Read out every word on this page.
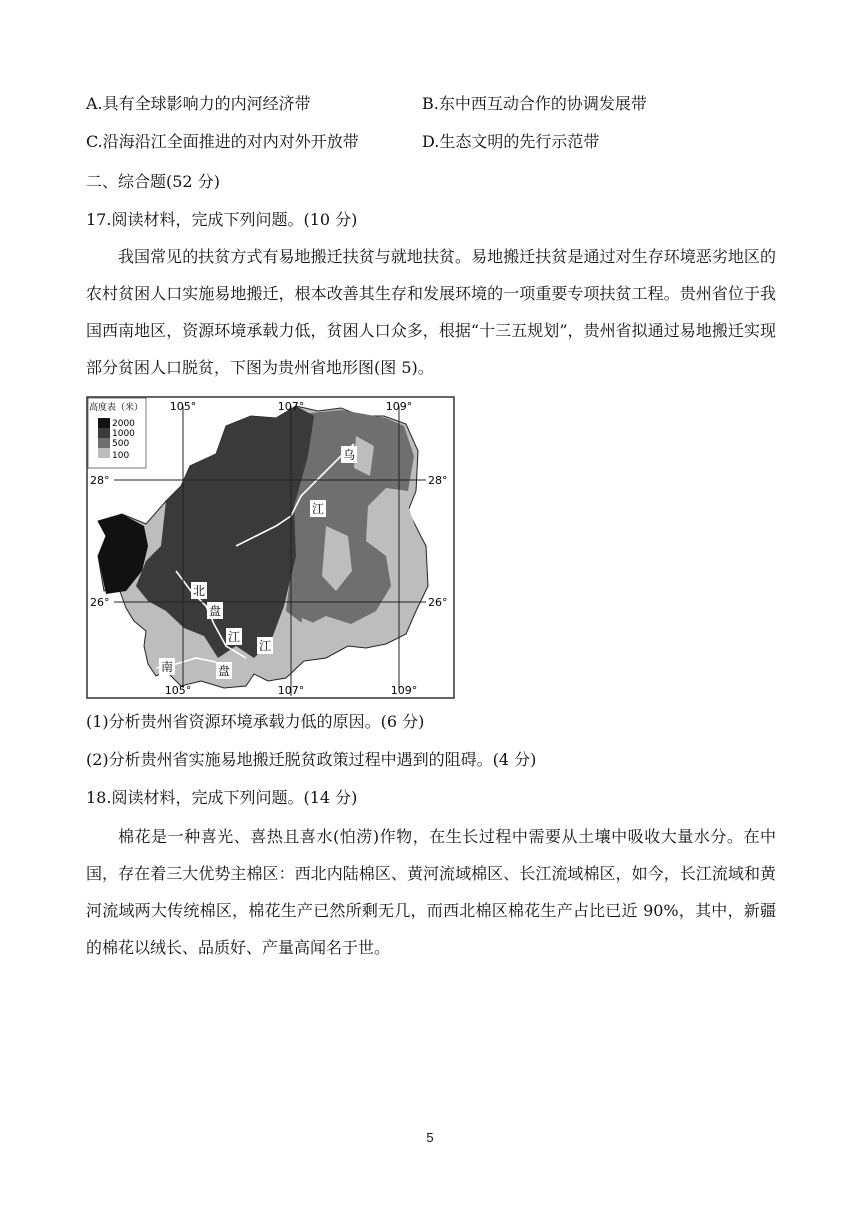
A.具有全球影响力的内河经济带	B.东中西互动合作的协调发展带
C.沿海沿江全面推进的对内对外开放带	D.生态文明的先行示范带
二、综合题(52 分)
17.阅读材料，完成下列问题。(10 分)
我国常见的扶贫方式有易地搬迁扶贫与就地扶贫。易地搬迁扶贫是通过对生存环境恶劣地区的农村贫困人口实施易地搬迁，根本改善其生存和发展环境的一项重要专项扶贫工程。贵州省位于我国西南地区，资源环境承载力低，贫困人口众多，根据“十三五规划”，贵州省拟通过易地搬迁实现部分贫困人口脱贫，下图为贵州省地形图(图 5)。
高度表（米）
2000
1000
500
100
105°	107°	109°
105°	107°	109°
28°	28°
26°	26°
乌
江
北
盘
江
江
南	盘
(1)分析贵州省资源环境承载力低的原因。(6 分)
(2)分析贵州省实施易地搬迁脱贫政策过程中遇到的阻碍。(4 分)
18.阅读材料，完成下列问题。(14 分)
棉花是一种喜光、喜热且喜水(怕涝)作物，在生长过程中需要从土壤中吸收大量水分。在中国，存在着三大优势主棉区：西北内陆棉区、黄河流域棉区、长江流域棉区，如今，长江流域和黄河流域两大传统棉区，棉花生产已然所剩无几，而西北棉区棉花生产占比已近 90%，其中，新疆的棉花以绒长、品质好、产量高闻名于世。
5
